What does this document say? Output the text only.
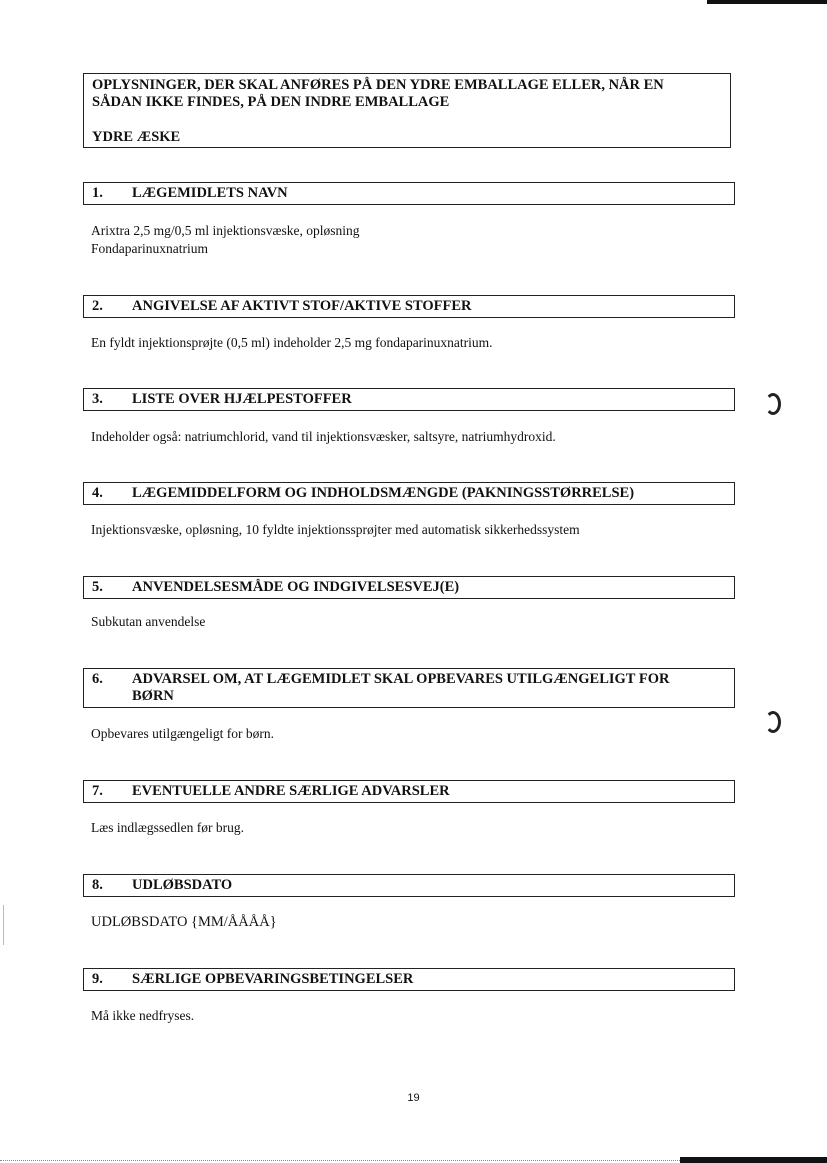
OPLYSNINGER, DER SKAL ANFØRES PÅ DEN YDRE EMBALLAGE ELLER, NÅR EN
SÅDAN IKKE FINDES, PÅ DEN INDRE EMBALLAGE
YDRE ÆSKE
1. LÆGEMIDLETS NAVN
Arixtra 2,5 mg/0,5 ml injektionsvæske, opløsning
Fondaparinuxnatrium
2. ANGIVELSE AF AKTIVT STOF/AKTIVE STOFFER
En fyldt injektionsprøjte (0,5 ml) indeholder 2,5 mg fondaparinuxnatrium.
3. LISTE OVER HJÆLPESTOFFER
Indeholder også: natriumchlorid, vand til injektionsvæsker, saltsyre, natriumhydroxid.
4. LÆGEMIDDELFORM OG INDHOLDSMÆNGDE (PAKNINGSSTØRRELSE)
Injektionsvæske, opløsning, 10 fyldte injektionssprøjter med automatisk sikkerhedssystem
5. ANVENDELSESMÅDE OG INDGIVELSESVEJ(E)
Subkutan anvendelse
6. ADVARSEL OM, AT LÆGEMIDLET SKAL OPBEVARES UTILGÆNGELIGT FOR
BØRN
Opbevares utilgængeligt for børn.
7. EVENTUELLE ANDRE SÆRLIGE ADVARSLER
Læs indlægssedlen før brug.
8. UDLØBSDATO
UDLØBSDATO {MM/ÅÅÅÅ}
9. SÆRLIGE OPBEVARINGSBETINGELSER
Må ikke nedfryses.
19
